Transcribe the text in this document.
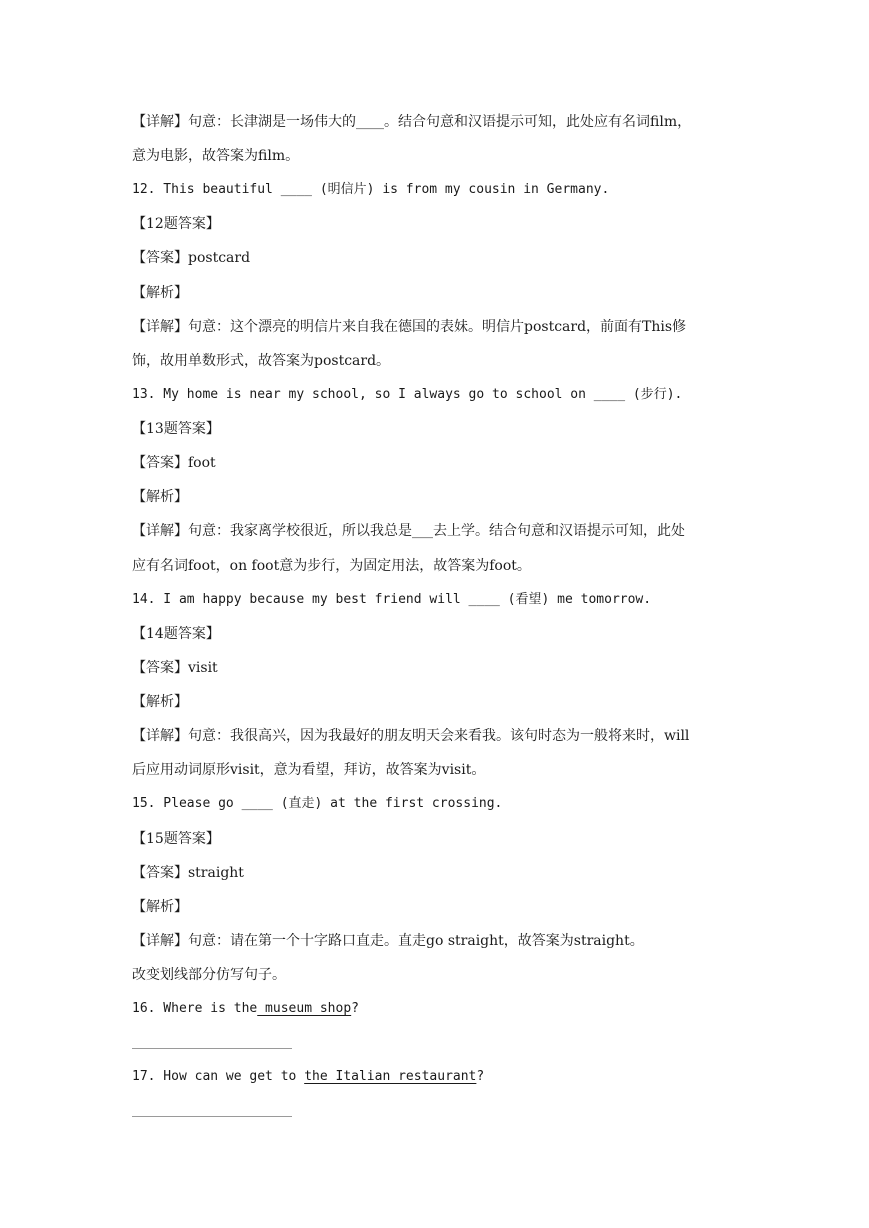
【详解】句意：长津湖是一场伟大的____。结合句意和汉语提示可知，此处应有名词film，
意为电影，故答案为film。
12. This beautiful ____ (明信片) is from my cousin in Germany.
【12题答案】
【答案】postcard
【解析】
【详解】句意：这个漂亮的明信片来自我在德国的表妹。明信片postcard，前面有This修
饰，故用单数形式，故答案为postcard。
13. My home is near my school, so I always go to school on ____ (步行).
【13题答案】
【答案】foot
【解析】
【详解】句意：我家离学校很近，所以我总是___去上学。结合句意和汉语提示可知，此处
应有名词foot，on foot意为步行，为固定用法，故答案为foot。
14. I am happy because my best friend will ____ (看望) me tomorrow.
【14题答案】
【答案】visit
【解析】
【详解】句意：我很高兴，因为我最好的朋友明天会来看我。该句时态为一般将来时，will
后应用动词原形visit，意为看望，拜访，故答案为visit。
15. Please go ____ (直走) at the first crossing.
【15题答案】
【答案】straight
【解析】
【详解】句意：请在第一个十字路口直走。直走go straight，故答案为straight。
改变划线部分仿写句子。
16. Where is the museum shop?
17. How can we get to the Italian restaurant?
